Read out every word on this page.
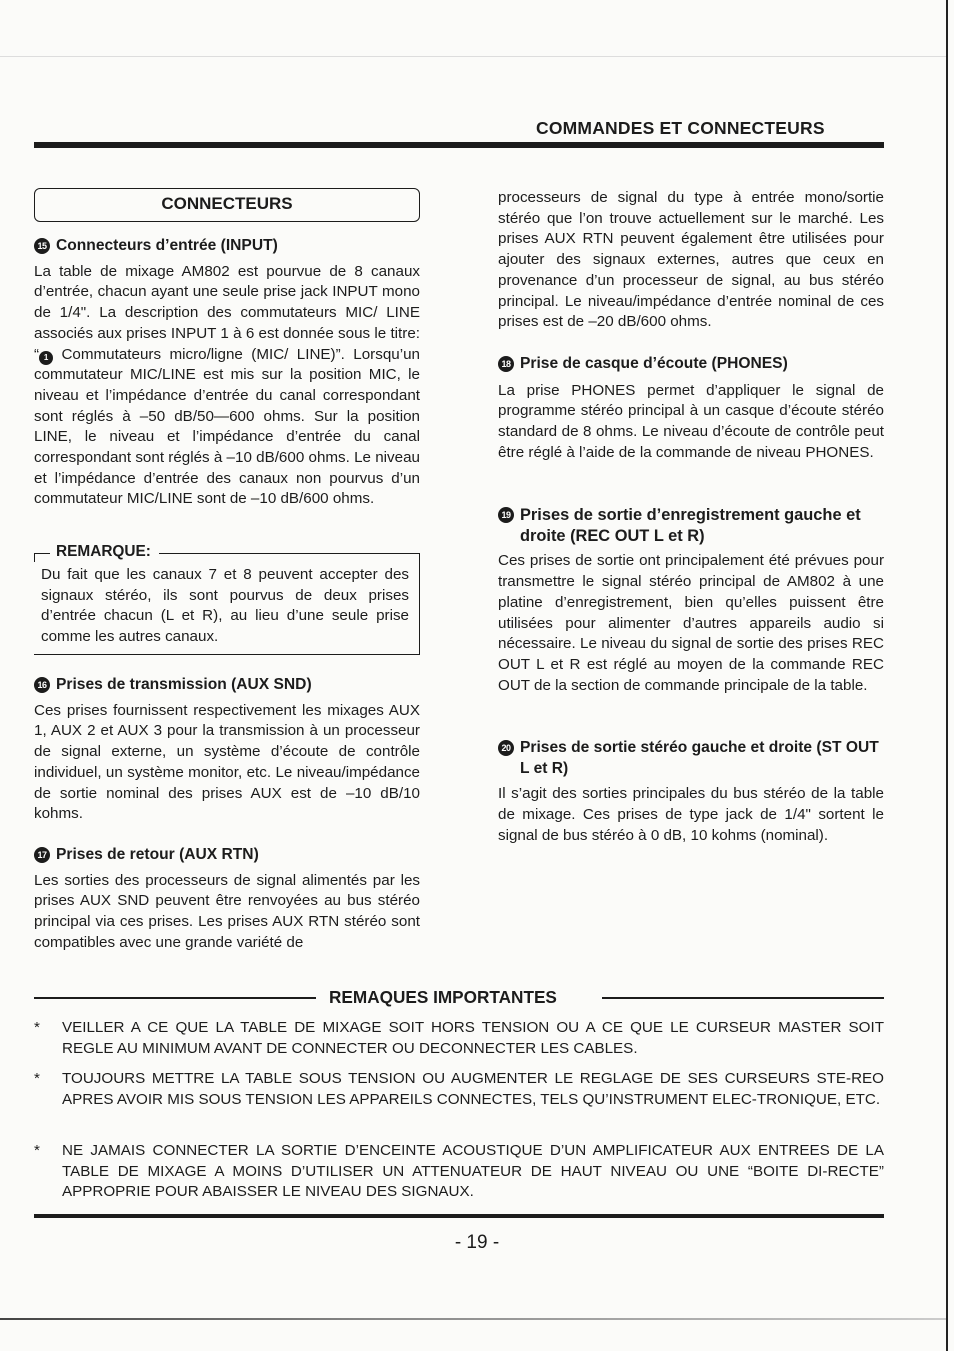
COMMANDES ET CONNECTEURS
CONNECTEURS
15 Connecteurs d’entrée (INPUT)

La table de mixage AM802 est pourvue de 8 canaux d’entrée, chacun ayant une seule prise jack INPUT mono de 1/4". La description des commutateurs MIC/ LINE associés aux prises INPUT 1 à 6 est donnée sous le titre: “ 1 Commutateurs micro/ligne (MIC/ LINE)”. Lorsqu’un commutateur MIC/LINE est mis sur la position MIC, le niveau et l’impédance d’entrée du canal correspondant sont réglés à –50 dB/50—600 ohms. Sur la position LINE, le niveau et l’impédance d’entrée du canal correspondant sont réglés à –10 dB/600 ohms. Le niveau et l’impédance d’entrée des canaux non pourvus d’un commutateur MIC/LINE sont de –10 dB/600 ohms.

REMARQUE:
Du fait que les canaux 7 et 8 peuvent accepter des signaux stéréo, ils sont pourvus de deux prises d’entrée chacun (L et R), au lieu d’une seule prise comme les autres canaux.
16 Prises de transmission (AUX SND)

Ces prises fournissent respectivement les mixages AUX 1, AUX 2 et AUX 3 pour la transmission à un processeur de signal externe, un système d’écoute de contrôle individuel, un système monitor, etc. Le niveau/impédance de sortie nominal des prises AUX est de –10 dB/10 kohms.

17 Prises de retour (AUX RTN)

Les sorties des processeurs de signal alimentés par les prises AUX SND peuvent être renvoyées au bus stéréo principal via ces prises. Les prises AUX RTN stéréo sont compatibles avec une grande variété de

processeurs de signal du type à entrée mono/sortie stéréo que l’on trouve actuellement sur le marché. Les prises AUX RTN peuvent également être utilisées pour ajouter des signaux externes, autres que ceux en provenance d’un processeur de signal, au bus stéréo principal. Le niveau/impédance d’entrée nominal de ces prises est de –20 dB/600 ohms.

18 Prise de casque d’écoute (PHONES)

La prise PHONES permet d’appliquer le signal de programme stéréo principal à un casque d’écoute stéréo standard de 8 ohms. Le niveau d’écoute de contrôle peut être réglé à l’aide de la commande de niveau PHONES.

19 Prises de sortie d’enregistrement gauche et droite (REC OUT L et R)

Ces prises de sortie ont principalement été prévues pour transmettre le signal stéréo principal de AM802 à une platine d’enregistrement, bien qu’elles puissent être utilisées pour alimenter d’autres appareils audio si nécessaire. Le niveau du signal de sortie des prises REC OUT L et R est réglé au moyen de la commande REC OUT de la section de commande principale de la table.

20 Prises de sortie stéréo gauche et droite (ST OUT L et R)

Il s’agit des sorties principales du bus stéréo de la table de mixage. Ces prises de type jack de 1/4" sortent le signal de bus stéréo à 0 dB, 10 kohms (nominal).

REMAQUES IMPORTANTES
* VEILLER A CE QUE LA TABLE DE MIXAGE SOIT HORS TENSION OU A CE QUE LE CURSEUR MASTER SOIT REGLE AU MINIMUM AVANT DE CONNECTER OU DECONNECTER LES CABLES.
* TOUJOURS METTRE LA TABLE SOUS TENSION OU AUGMENTER LE REGLAGE DE SES CURSEURS STE-REO APRES AVOIR MIS SOUS TENSION LES APPAREILS CONNECTES, TELS QU’INSTRUMENT ELEC-TRONIQUE, ETC.
* NE JAMAIS CONNECTER LA SORTIE D’ENCEINTE ACOUSTIQUE D’UN AMPLIFICATEUR AUX ENTREES DE LA TABLE DE MIXAGE A MOINS D’UTILISER UN ATTENUATEUR DE HAUT NIVEAU OU UNE “BOITE DI-RECTE” APPROPRIE POUR ABAISSER LE NIVEAU DES SIGNAUX.
- 19 -
